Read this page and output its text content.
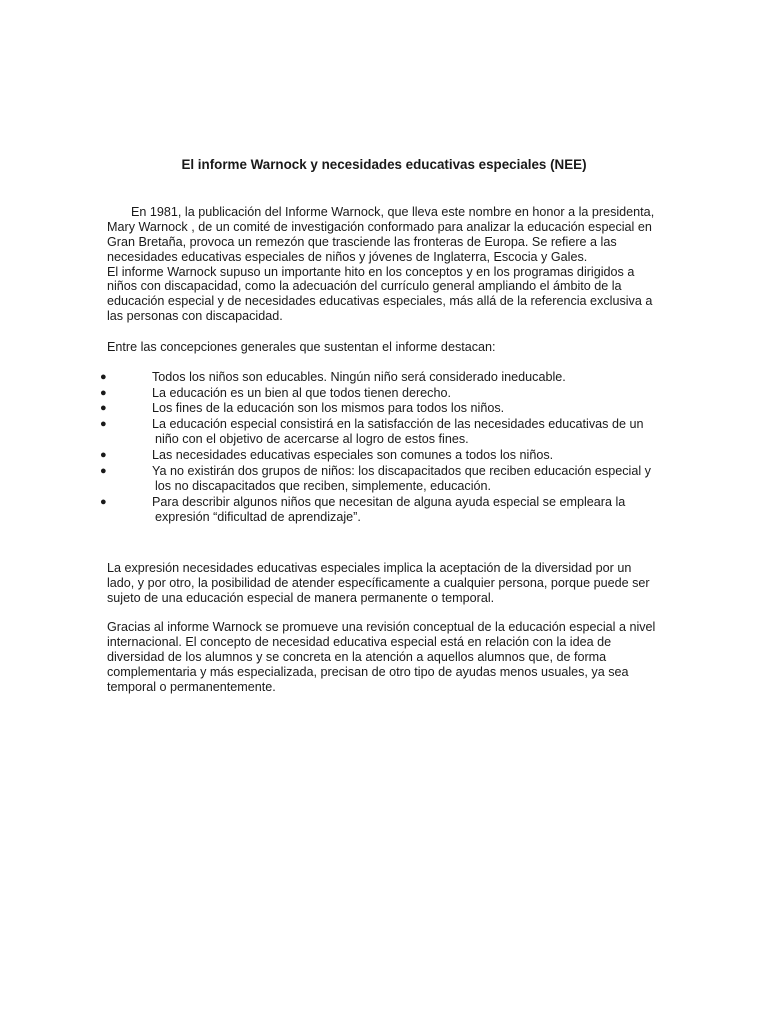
El informe Warnock y necesidades educativas especiales (NEE)

En 1981, la publicación del Informe Warnock, que lleva este nombre en honor a la presidenta,
Mary Warnock , de un comité de investigación conformado para analizar la educación especial en
Gran Bretaña, provoca un remezón que trasciende las fronteras de Europa. Se refiere a las
necesidades educativas especiales de niños y jóvenes de Inglaterra, Escocia y Gales.
El informe Warnock supuso un importante hito en los conceptos y en los programas dirigidos a
niños con discapacidad, como la adecuación del currículo general ampliando el ámbito de la
educación especial y de necesidades educativas especiales, más allá de la referencia exclusiva a
las personas con discapacidad.

Entre las concepciones generales que sustentan el informe destacan:

●	Todos los niños son educables. Ningún niño será considerado ineducable.
●	La educación es un bien al que todos tienen derecho.
●	Los fines de la educación son los mismos para todos los niños.
●	La educación especial consistirá en la satisfacción de las necesidades educativas de un
niño con el objetivo de acercarse al logro de estos fines.
●	Las necesidades educativas especiales son comunes a todos los niños.
●	Ya no existirán dos grupos de niños: los discapacitados que reciben educación especial y
los no discapacitados que reciben, simplemente, educación.
●	Para describir algunos niños que necesitan de alguna ayuda especial se empleara la
expresión “dificultad de aprendizaje”.

La expresión necesidades educativas especiales implica la aceptación de la diversidad por un
lado, y por otro, la posibilidad de atender específicamente a cualquier persona, porque puede ser
sujeto de una educación especial de manera permanente o temporal.

Gracias al informe Warnock se promueve una revisión conceptual de la educación especial a nivel
internacional. El concepto de necesidad educativa especial está en relación con la idea de
diversidad de los alumnos y se concreta en la atención a aquellos alumnos que, de forma
complementaria y más especializada, precisan de otro tipo de ayudas menos usuales, ya sea
temporal o permanentemente.
